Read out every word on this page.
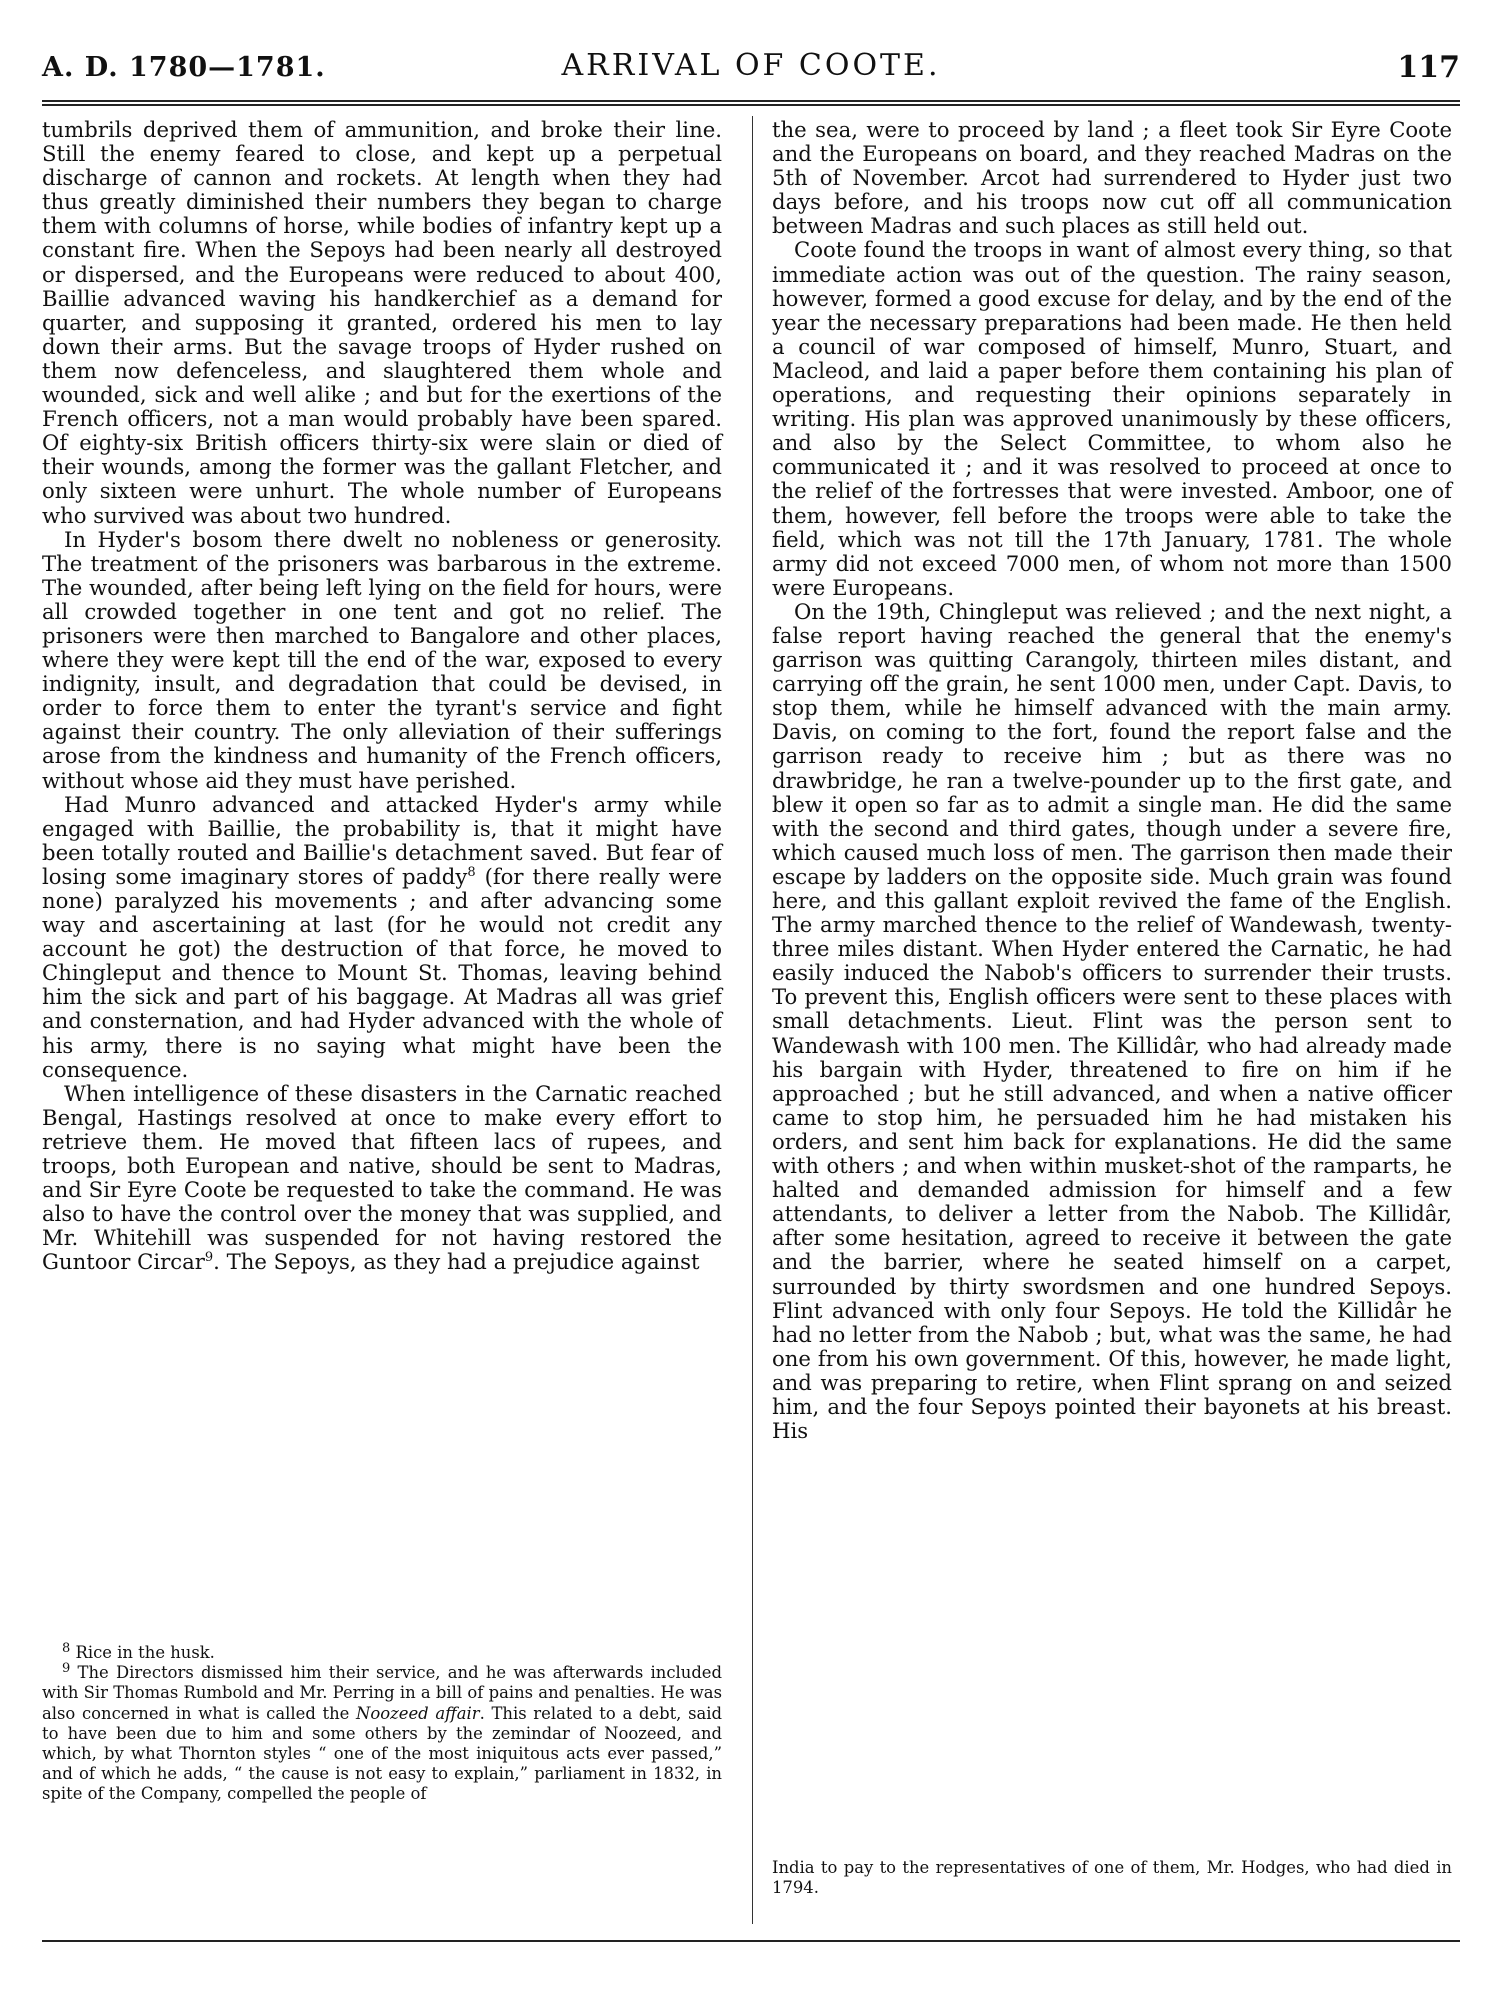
A. D. 1780—1781.	ARRIVAL OF COOTE.	117

tumbrils deprived them of ammunition, and broke their line. Still the enemy feared to close, and kept up a perpetual discharge of cannon and rockets. At length when they had thus greatly diminished their numbers they began to charge them with columns of horse, while bodies of infantry kept up a constant fire. When the Sepoys had been nearly all destroyed or dispersed, and the Europeans were reduced to about 400, Baillie advanced waving his handkerchief as a demand for quarter, and supposing it granted, ordered his men to lay down their arms. But the savage troops of Hyder rushed on them now defenceless, and slaughtered them whole and wounded, sick and well alike ; and but for the exertions of the French officers, not a man would probably have been spared. Of eighty-six British officers thirty-six were slain or died of their wounds, among the former was the gallant Fletcher, and only sixteen were unhurt. The whole number of Europeans who survived was about two hundred.

In Hyder's bosom there dwelt no nobleness or generosity. The treatment of the prisoners was barbarous in the extreme. The wounded, after being left lying on the field for hours, were all crowded together in one tent and got no relief. The prisoners were then marched to Bangalore and other places, where they were kept till the end of the war, exposed to every indignity, insult, and degradation that could be devised, in order to force them to enter the tyrant's service and fight against their country. The only alleviation of their sufferings arose from the kindness and humanity of the French officers, without whose aid they must have perished.

Had Munro advanced and attacked Hyder's army while engaged with Baillie, the probability is, that it might have been totally routed and Baillie's detachment saved. But fear of losing some imaginary stores of paddy$^8$ (for there really were none) paralyzed his movements ; and after advancing some way and ascertaining at last (for he would not credit any account he got) the destruction of that force, he moved to Chingleput and thence to Mount St. Thomas, leaving behind him the sick and part of his baggage. At Madras all was grief and consternation, and had Hyder advanced with the whole of his army, there is no saying what might have been the consequence.

When intelligence of these disasters in the Carnatic reached Bengal, Hastings resolved at once to make every effort to retrieve them. He moved that fifteen lacs of rupees, and troops, both European and native, should be sent to Madras, and Sir Eyre Coote be requested to take the command. He was also to have the control over the money that was supplied, and Mr. Whitehill was suspended for not having restored the Guntoor Circar$^9$. The Sepoys, as they had a prejudice against

$^8$ Rice in the husk.

$^9$ The Directors dismissed him their service, and he was afterwards included with Sir Thomas Rumbold and Mr. Perring in a bill of pains and penalties. He was also concerned in what is called the Noozeed affair. This related to a debt, said to have been due to him and some others by the zemindar of Noozeed, and which, by what Thornton styles “ one of the most iniquitous acts ever passed,” and of which he adds, “ the cause is not easy to explain,” parliament in 1832, in spite of the Company, compelled the people of

the sea, were to proceed by land ; a fleet took Sir Eyre Coote and the Europeans on board, and they reached Madras on the 5th of November. Arcot had surrendered to Hyder just two days before, and his troops now cut off all communication between Madras and such places as still held out.

Coote found the troops in want of almost every thing, so that immediate action was out of the question. The rainy season, however, formed a good excuse for delay, and by the end of the year the necessary preparations had been made. He then held a council of war composed of himself, Munro, Stuart, and Macleod, and laid a paper before them containing his plan of operations, and requesting their opinions separately in writing. His plan was approved unanimously by these officers, and also by the Select Committee, to whom also he communicated it ; and it was resolved to proceed at once to the relief of the fortresses that were invested. Amboor, one of them, however, fell before the troops were able to take the field, which was not till the 17th January, 1781. The whole army did not exceed 7000 men, of whom not more than 1500 were Europeans.

On the 19th, Chingleput was relieved ; and the next night, a false report having reached the general that the enemy's garrison was quitting Carangoly, thirteen miles distant, and carrying off the grain, he sent 1000 men, under Capt. Davis, to stop them, while he himself advanced with the main army. Davis, on coming to the fort, found the report false and the garrison ready to receive him ; but as there was no drawbridge, he ran a twelve-pounder up to the first gate, and blew it open so far as to admit a single man. He did the same with the second and third gates, though under a severe fire, which caused much loss of men. The garrison then made their escape by ladders on the opposite side. Much grain was found here, and this gallant exploit revived the fame of the English. The army marched thence to the relief of Wandewash, twenty-three miles distant. When Hyder entered the Carnatic, he had easily induced the Nabob's officers to surrender their trusts. To prevent this, English officers were sent to these places with small detachments. Lieut. Flint was the person sent to Wandewash with 100 men. The Killidâr, who had already made his bargain with Hyder, threatened to fire on him if he approached ; but he still advanced, and when a native officer came to stop him, he persuaded him he had mistaken his orders, and sent him back for explanations. He did the same with others ; and when within musket-shot of the ramparts, he halted and demanded admission for himself and a few attendants, to deliver a letter from the Nabob. The Killidâr, after some hesitation, agreed to receive it between the gate and the barrier, where he seated himself on a carpet, surrounded by thirty swordsmen and one hundred Sepoys. Flint advanced with only four Sepoys. He told the Killidâr he had no letter from the Nabob ; but, what was the same, he had one from his own government. Of this, however, he made light, and was preparing to retire, when Flint sprang on and seized him, and the four Sepoys pointed their bayonets at his breast. His

India to pay to the representatives of one of them, Mr. Hodges, who had died in 1794.
